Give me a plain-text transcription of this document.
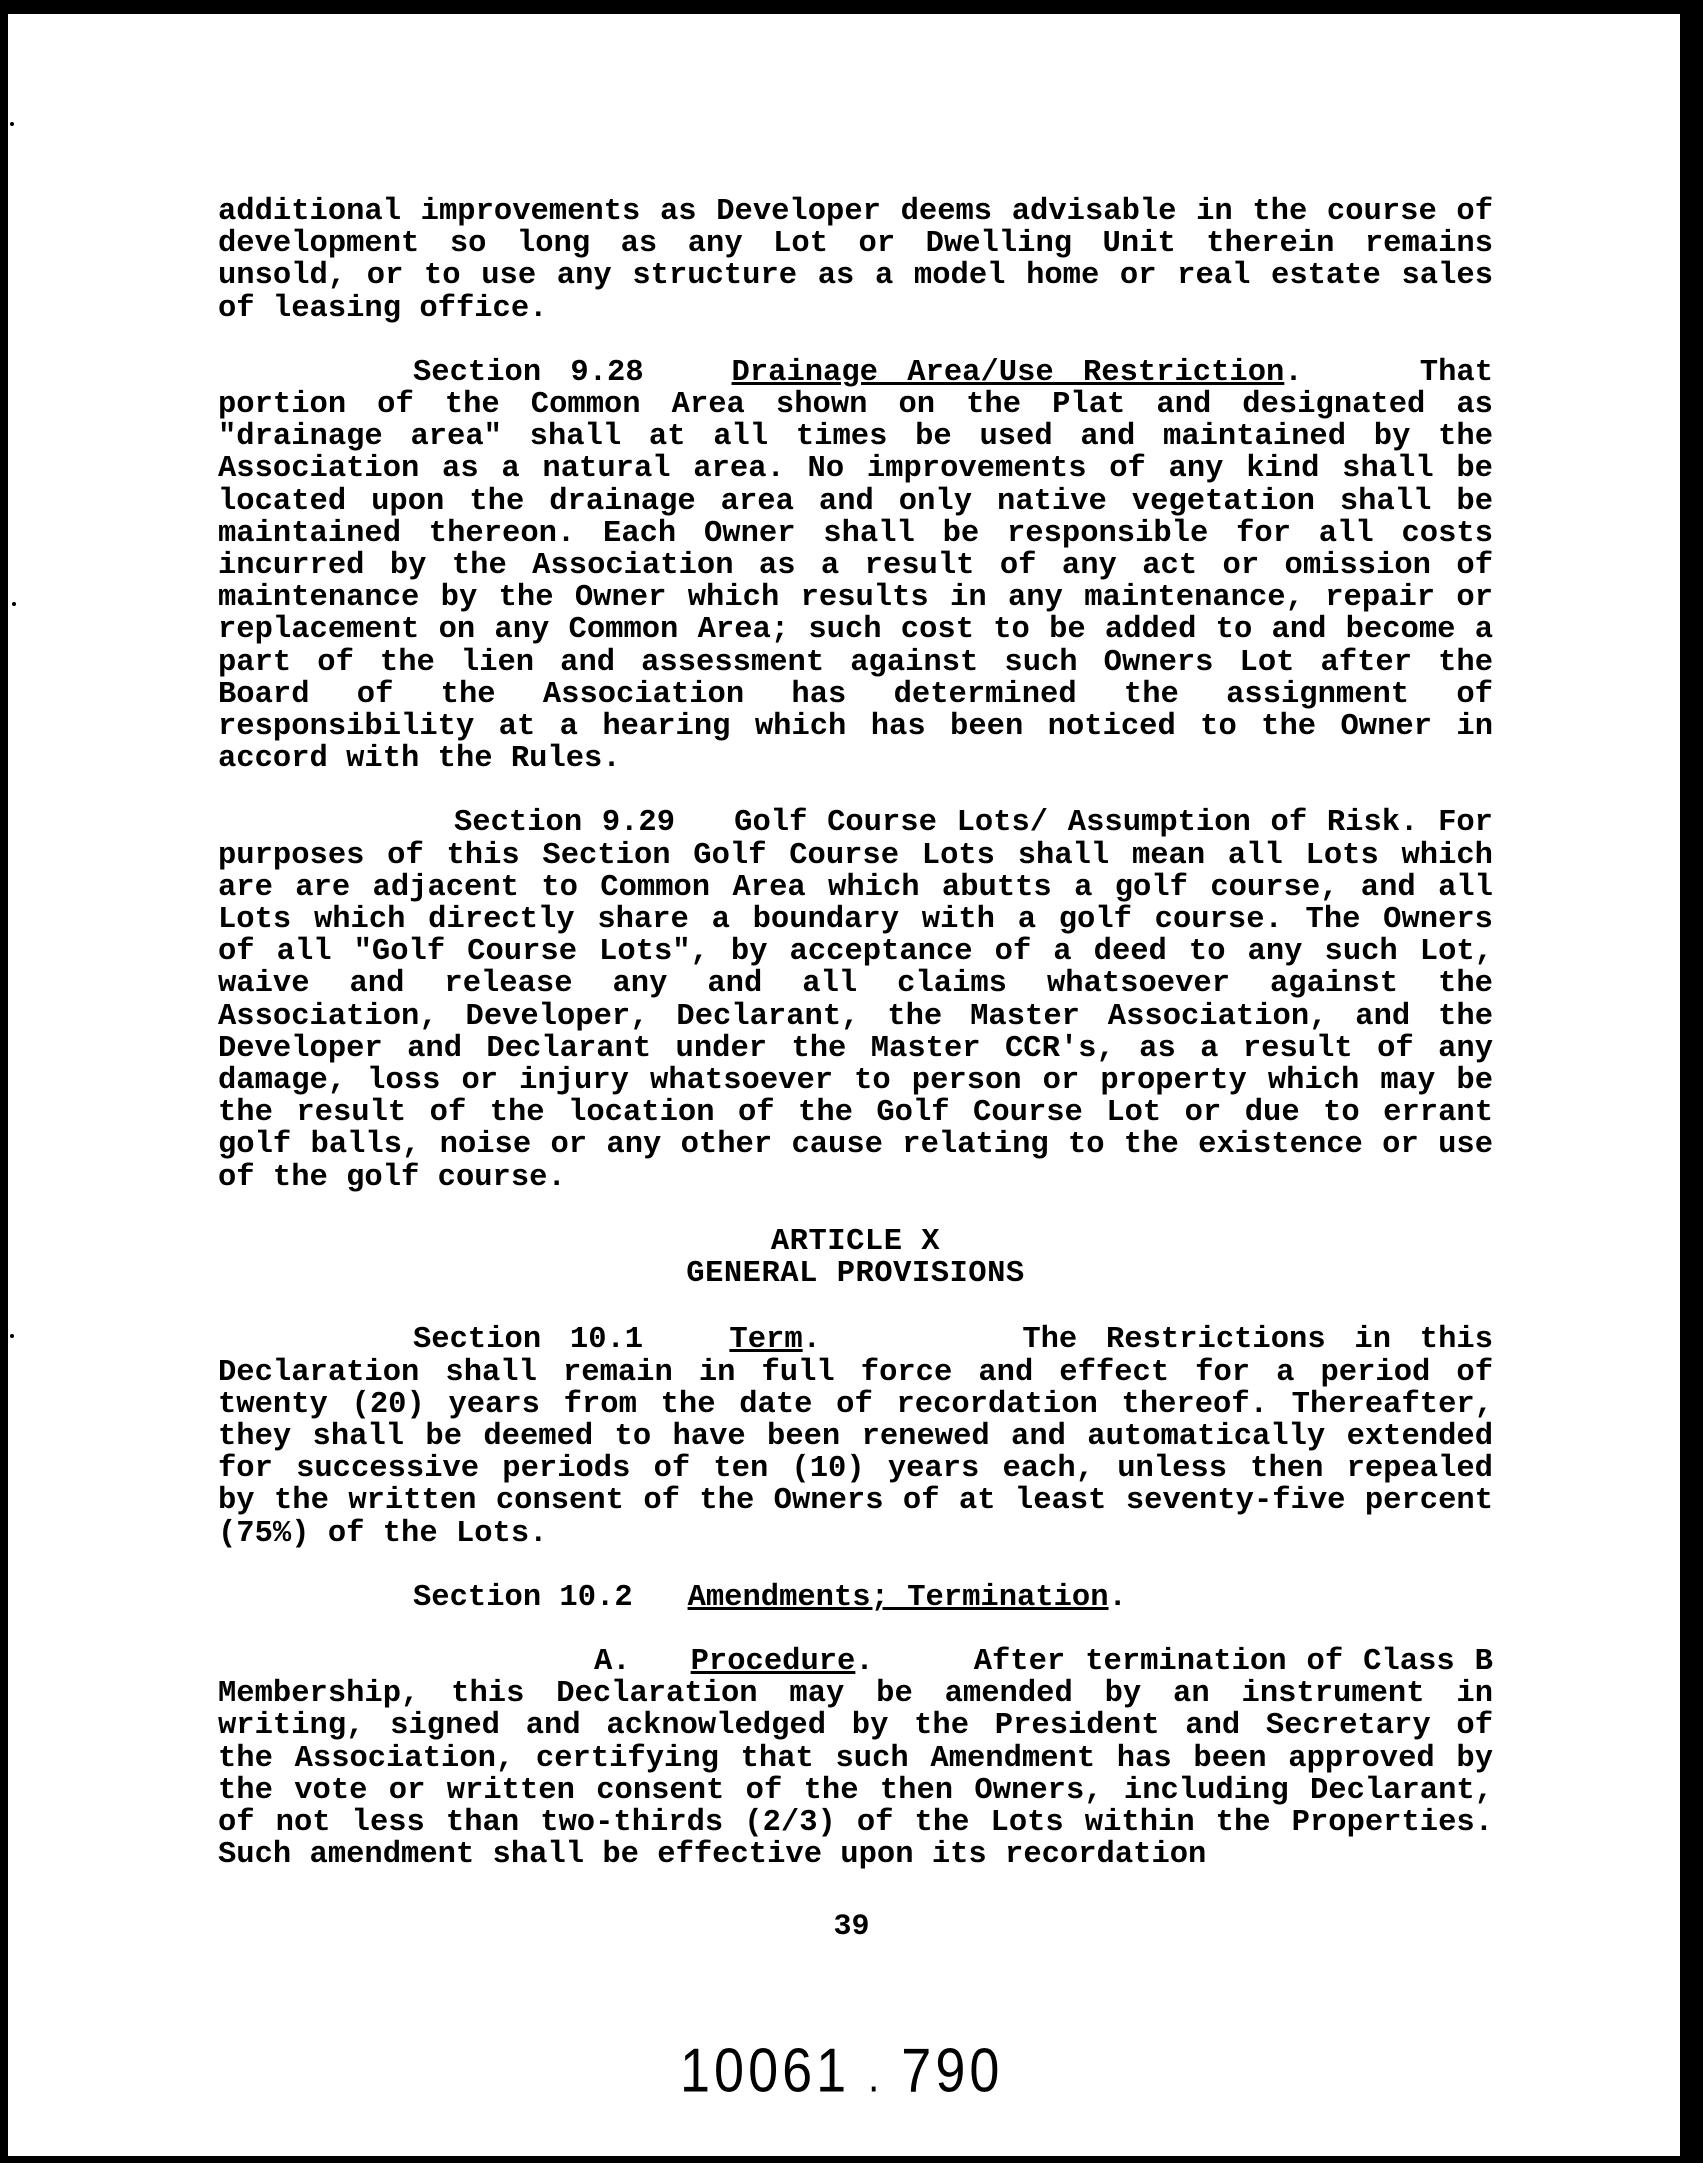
additional improvements as Developer deems advisable in the course of development so long as any Lot or Dwelling Unit therein remains unsold, or to use any structure as a model home or real estate sales of leasing office.

Section 9.28	Drainage Area/Use Restriction.    That portion of the Common Area shown on the Plat and designated as "drainage area" shall at all times be used and maintained by the Association as a natural area. No improvements of any kind shall be located upon the drainage area and only native vegetation shall be maintained thereon. Each Owner shall be responsible for all costs incurred by the Association as a result of any act or omission of maintenance by the Owner which results in any maintenance, repair or replacement on any Common Area; such cost to be added to and become a part of the lien and assessment against such Owners Lot after the Board of the Association has determined the assignment of responsibility at a hearing which has been noticed to the Owner in accord with the Rules.

Section 9.29 Golf Course Lots/ Assumption of Risk. For purposes of this Section Golf Course Lots shall mean all Lots which are are adjacent to Common Area which abutts a golf course, and all Lots which directly share a boundary with a golf course. The Owners of all "Golf Course Lots", by acceptance of a deed to any such Lot, waive and release any and all claims whatsoever against the Association, Developer, Declarant, the Master Association, and the Developer and Declarant under the Master CCR's, as a result of any damage, loss or injury whatsoever to person or property which may be the result of the location of the Golf Course Lot or due to errant golf balls, noise or any other cause relating to the existence or use of the golf course.

ARTICLE X

GENERAL PROVISIONS

Section 10.1	Term.       The Restrictions in this Declaration shall remain in full force and effect for a period of twenty (20) years from the date of recordation thereof. Thereafter, they shall be deemed to have been renewed and automatically extended for successive periods of ten (10) years each, unless then repealed by the written consent of the Owners of at least seventy-five percent (75%) of the Lots.

Section 10.2 Amendments; Termination.

A. Procedure.     After termination of Class B Membership, this Declaration may be amended by an instrument in writing, signed and acknowledged by the President and Secretary of the Association, certifying that such Amendment has been approved by the vote or written consent of the then Owners, including Declarant, of not less than two-thirds (2/3) of the Lots within the Properties. Such amendment shall be effective upon its recordation

39
10061 . 790
